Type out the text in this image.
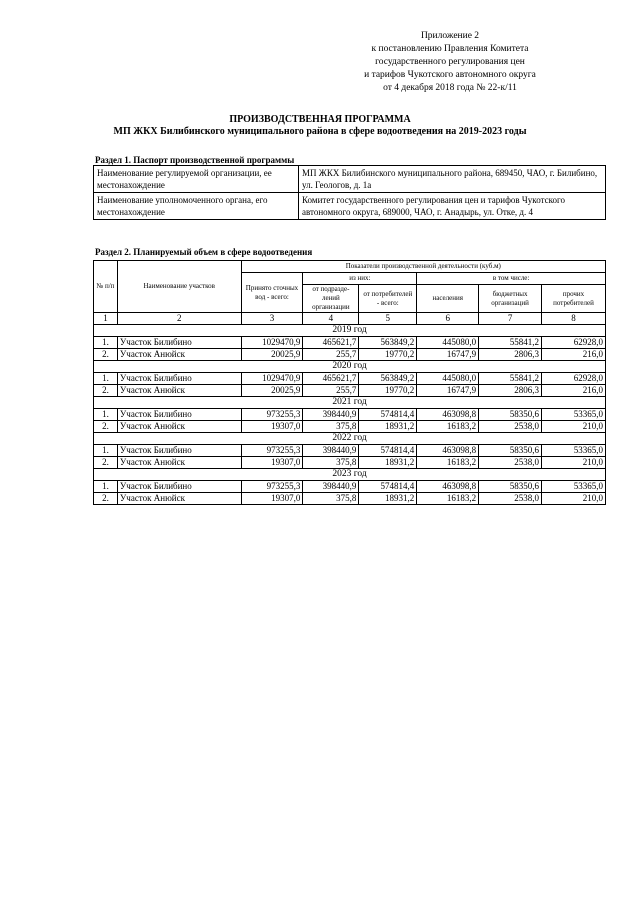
Приложение 2
к постановлению Правления Комитета
государственного регулирования цен
и тарифов Чукотского автономного округа
от 4 декабря 2018 года № 22-к/11
ПРОИЗВОДСТВЕННАЯ ПРОГРАММА
МП ЖКХ Билибинского муниципального района в сфере водоотведения на 2019-2023 годы
Раздел 1. Паспорт производственной программы
Наименование регулируемой организации, ее местонахождение	МП ЖКХ Билибинского муниципального района, 689450, ЧАО, г. Билибино, ул. Геологов, д. 1а
Наименование уполномоченного органа, его местонахождение	Комитет государственного регулирования цен и тарифов Чукотского автономного округа, 689000, ЧАО, г. Анадырь, ул. Отке, д. 4
Раздел 2. Планируемый объем в сфере водоотведения
№ п/п	Наименование участков	Показатели производственной деятельности (куб.м)					
		Принято сточных вод - всего:	из них:		в том числе:		
			от подразде- лений организации	от потребителей - всего:	населения	бюджетных организаций	прочих потребителей

1	2	3	4	5	6	7	8
2019 год							
1.	Участок Билибино	1029470,9	465621,7	563849,2	445080,0	55841,2	62928,0
2.	Участок Анюйск	20025,9	255,7	19770,2	16747,9	2806,3	216,0
2020 год							
1.	Участок Билибино	1029470,9	465621,7	563849,2	445080,0	55841,2	62928,0
2.	Участок Анюйск	20025,9	255,7	19770,2	16747,9	2806,3	216,0
2021 год							
1.	Участок Билибино	973255,3	398440,9	574814,4	463098,8	58350,6	53365,0
2.	Участок Анюйск	19307,0	375,8	18931,2	16183,2	2538,0	210,0
2022 год							
1.	Участок Билибино	973255,3	398440,9	574814,4	463098,8	58350,6	53365,0
2.	Участок Анюйск	19307,0	375,8	18931,2	16183,2	2538,0	210,0
2023 год							
1.	Участок Билибино	973255,3	398440,9	574814,4	463098,8	58350,6	53365,0
2.	Участок Анюйск	19307,0	375,8	18931,2	16183,2	2538,0	210,0
